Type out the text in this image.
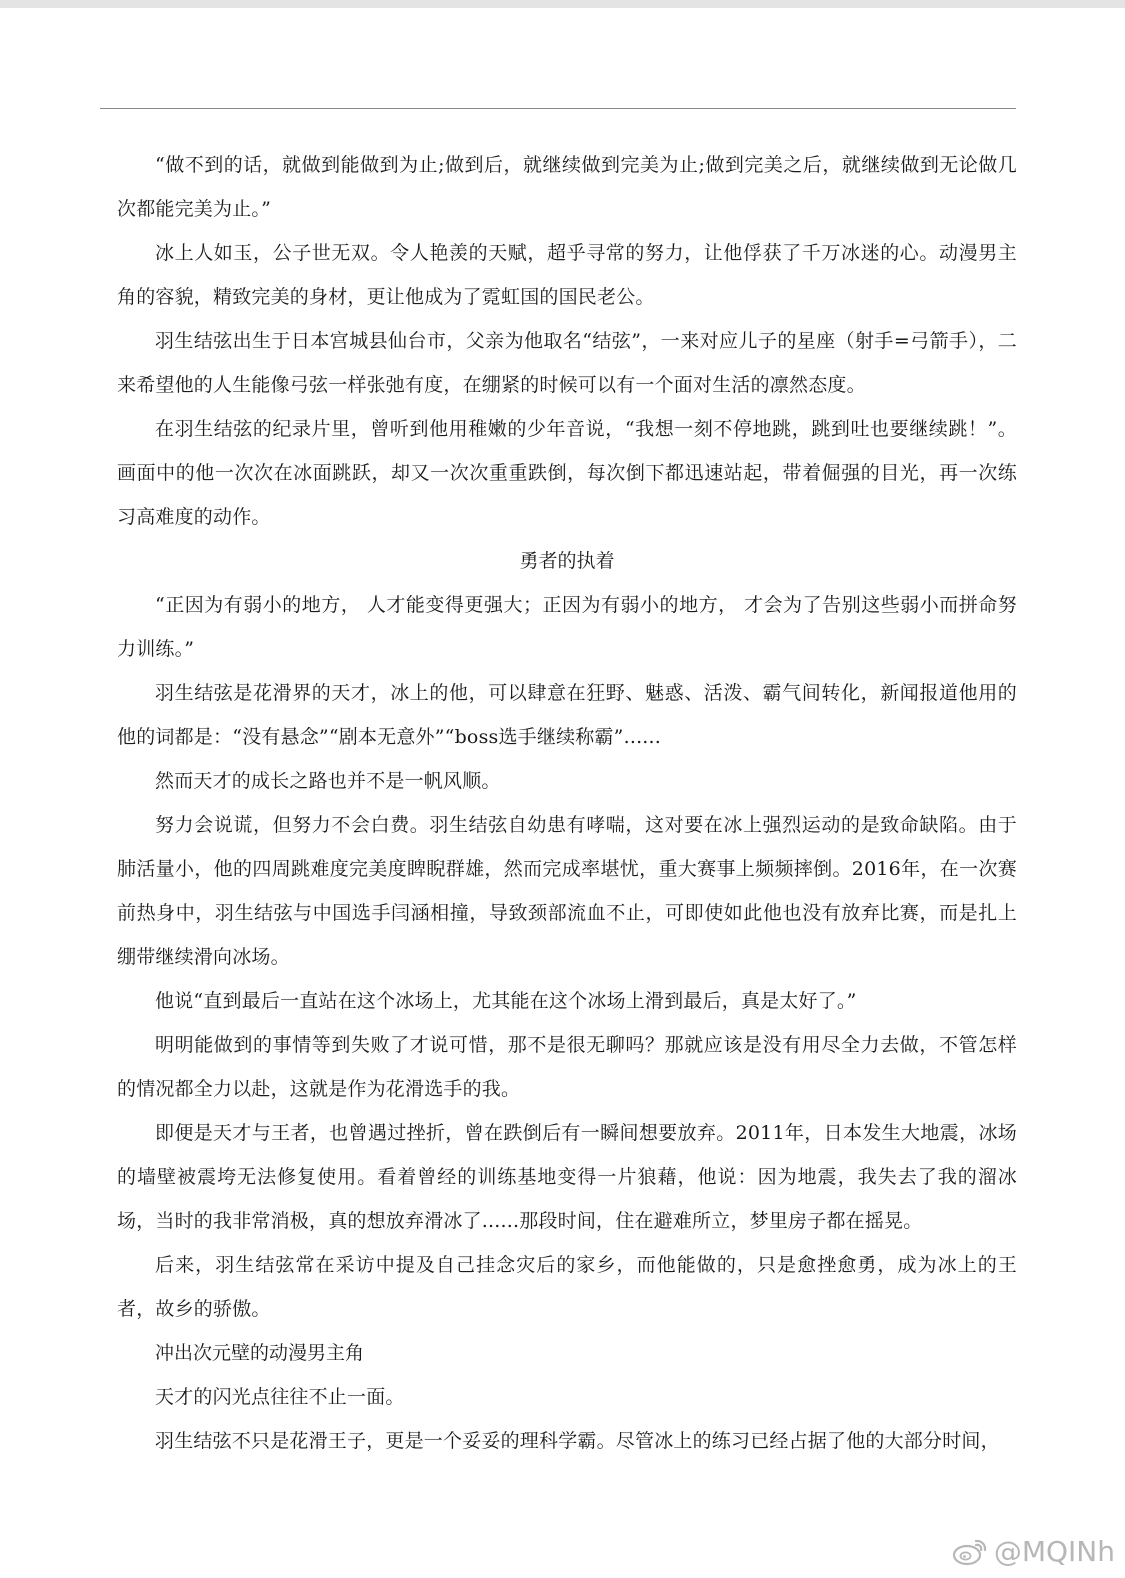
“做不到的话，就做到能做到为止;做到后，就继续做到完美为止;做到完美之后，就继续做到无论做几次都能完美为止。”

冰上人如玉，公子世无双。令人艳羡的天赋，超乎寻常的努力，让他俘获了千万冰迷的心。动漫男主角的容貌，精致完美的身材，更让他成为了霓虹国的国民老公。

羽生结弦出生于日本宫城县仙台市，父亲为他取名“结弦”，一来对应儿子的星座（射手=弓箭手），二来希望他的人生能像弓弦一样张弛有度，在绷紧的时候可以有一个面对生活的凛然态度。

在羽生结弦的纪录片里，曾听到他用稚嫩的少年音说，“我想一刻不停地跳，跳到吐也要继续跳！”。画面中的他一次次在冰面跳跃，却又一次次重重跌倒，每次倒下都迅速站起，带着倔强的目光，再一次练习高难度的动作。

勇者的执着

“正因为有弱小的地方， 人才能变得更强大；正因为有弱小的地方， 才会为了告别这些弱小而拼命努力训练。”

羽生结弦是花滑界的天才，冰上的他，可以肆意在狂野、魅惑、活泼、霸气间转化，新闻报道他用的他的词都是：“没有悬念”“剧本无意外”“boss选手继续称霸”......

然而天才的成长之路也并不是一帆风顺。

努力会说谎，但努力不会白费。羽生结弦自幼患有哮喘，这对要在冰上强烈运动的是致命缺陷。由于肺活量小，他的四周跳难度完美度睥睨群雄，然而完成率堪忧，重大赛事上频频摔倒。2016年，在一次赛前热身中，羽生结弦与中国选手闫涵相撞，导致颈部流血不止，可即使如此他也没有放弃比赛，而是扎上绷带继续滑向冰场。

他说“直到最后一直站在这个冰场上，尤其能在这个冰场上滑到最后，真是太好了。”

明明能做到的事情等到失败了才说可惜，那不是很无聊吗？那就应该是没有用尽全力去做，不管怎样的情况都全力以赴，这就是作为花滑选手的我。

即便是天才与王者，也曾遇过挫折，曾在跌倒后有一瞬间想要放弃。2011年，日本发生大地震，冰场的墙壁被震垮无法修复使用。看着曾经的训练基地变得一片狼藉，他说：因为地震，我失去了我的溜冰场，当时的我非常消极，真的想放弃滑冰了......那段时间，住在避难所立，梦里房子都在摇晃。

后来，羽生结弦常在采访中提及自己挂念灾后的家乡，而他能做的，只是愈挫愈勇，成为冰上的王者，故乡的骄傲。

冲出次元壁的动漫男主角

天才的闪光点往往不止一面。

羽生结弦不只是花滑王子，更是一个妥妥的理科学霸。尽管冰上的练习已经占据了他的大部分时间，

@MQINh
